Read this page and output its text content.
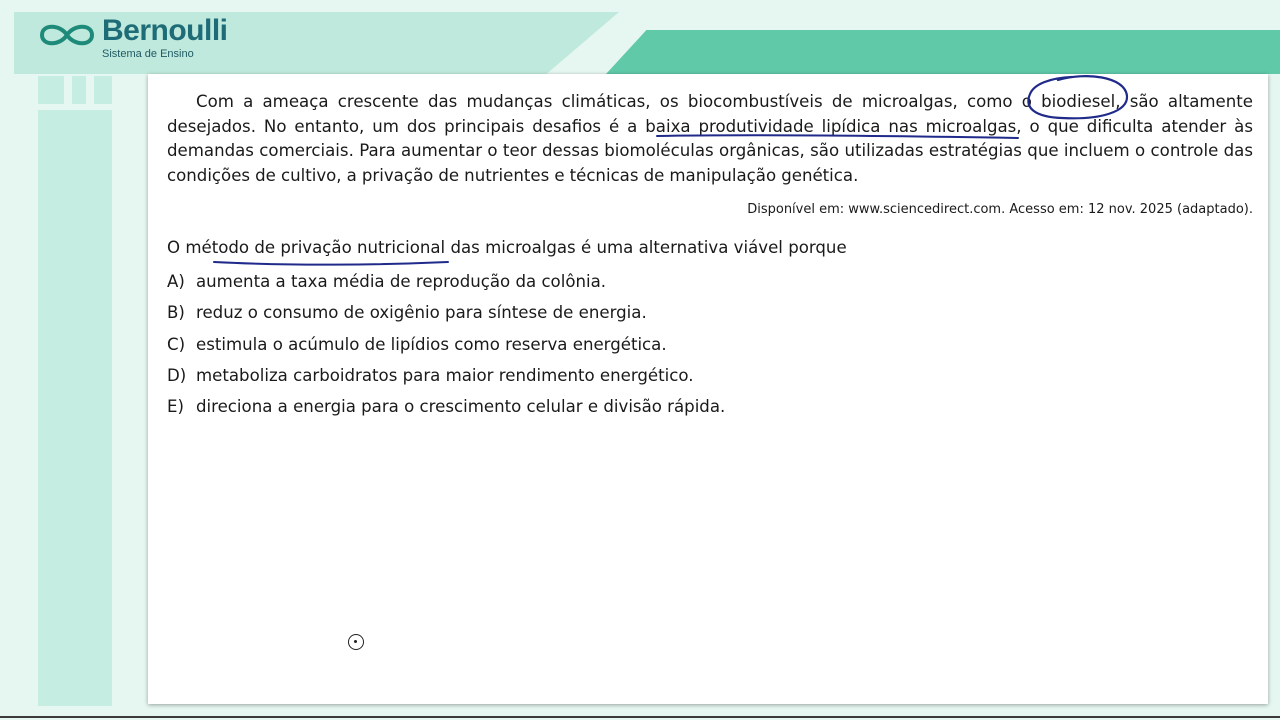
Bernoulli
Sistema de Ensino

Com a ameaça crescente das mudanças climáticas, os biocombustíveis de microalgas, como o biodiesel, são altamente desejados. No entanto, um dos principais desafios é a baixa produtividade lipídica nas microalgas, o que dificulta atender às demandas comerciais. Para aumentar o teor dessas biomoléculas orgânicas, são utilizadas estratégias que incluem o controle das condições de cultivo, a privação de nutrientes e técnicas de manipulação genética.

Disponível em: www.sciencedirect.com. Acesso em: 12 nov. 2025 (adaptado).

O método de privação nutricional das microalgas é uma alternativa viável porque

A) aumenta a taxa média de reprodução da colônia.
B) reduz o consumo de oxigênio para síntese de energia.
C) estimula o acúmulo de lipídios como reserva energética.
D) metaboliza carboidratos para maior rendimento energético.
E) direciona a energia para o crescimento celular e divisão rápida.
